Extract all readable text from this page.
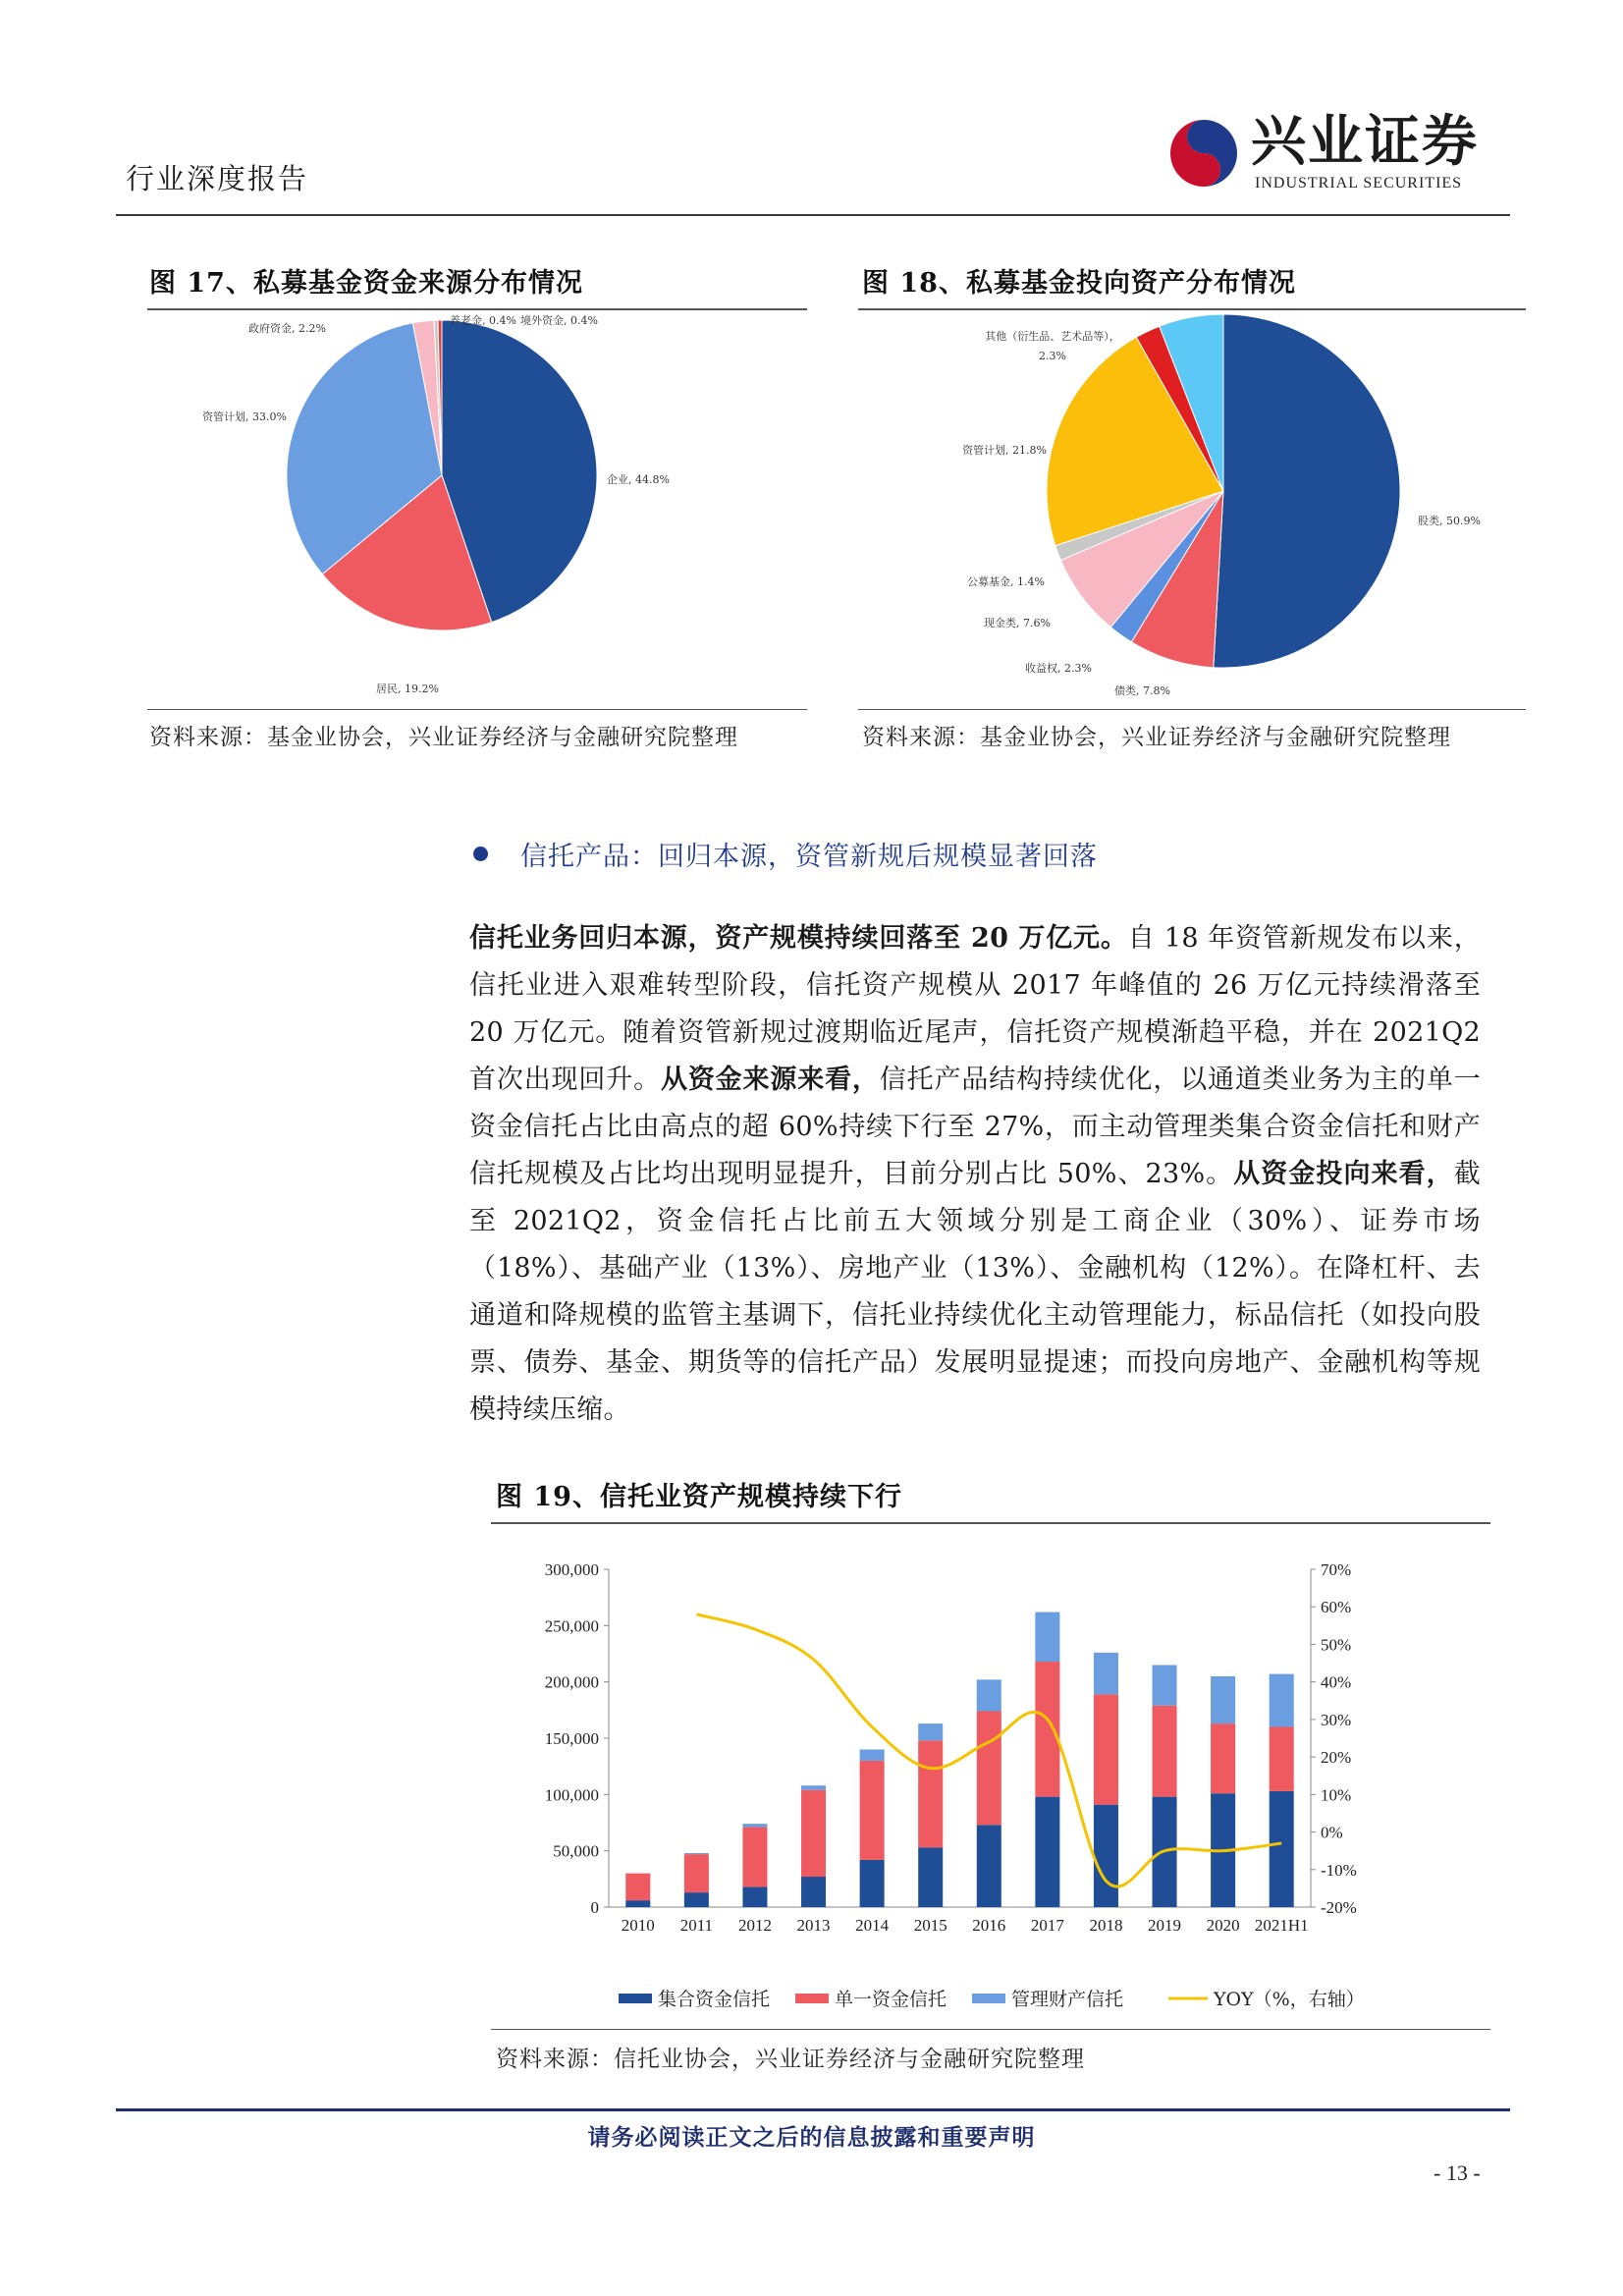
行业深度报告
兴业证券
INDUSTRIAL SECURITIES
图 17、私募基金资金来源分布情况
企业, 44.8%
居民, 19.2%
资管计划, 33.0%
政府资金, 2.2%
养老金, 0.4% 境外资金, 0.4%
资料来源：基金业协会，兴业证券经济与金融研究院整理
图 18、私募基金投向资产分布情况
股类, 50.9%
债类, 7.8%
收益权, 2.3%
现金类, 7.6%
公募基金, 1.4%
资管计划, 21.8%
2.3%
其他（衍生品、艺术品等），
资料来源：基金业协会，兴业证券经济与金融研究院整理
信托产品：回归本源，资管新规后规模显著回落
信托业务回归本源，资产规模持续回落至 20 万亿元。自 18 年资管新规发布以来，信托业进入艰难转型阶段，信托资产规模从 2017 年峰值的 26 万亿元持续滑落至 20 万亿元。随着资管新规过渡期临近尾声，信托资产规模渐趋平稳，并在 2021Q2 首次出现回升。从资金来源来看，信托产品结构持续优化，以通道类业务为主的单一资金信托占比由高点的超 60%持续下行至 27%，而主动管理类集合资金信托和财产信托规模及占比均出现明显提升，目前分别占比 50%、23%。从资金投向来看，截至 2021Q2，资金信托占比前五大领域分别是工商企业（30%）、证券市场（18%）、基础产业（13%）、房地产业（13%）、金融机构（12%）。在降杠杆、去通道和降规模的监管主基调下，信托业持续优化主动管理能力，标品信托（如投向股票、债券、基金、期货等的信托产品）发展明显提速；而投向房地产、金融机构等规模持续压缩。
图 19、信托业资产规模持续下行
0
50,000
100,000
150,000
200,000
250,000
300,000
-20%
-10%
0%
10%
20%
30%
40%
50%
60%
70%
2010 2011 2012 2013 2014 2015 2016 2017 2018 2019 2020 2021H1
集合资金信托	单一资金信托	管理财产信托	YOY（%，右轴）
资料来源：信托业协会，兴业证券经济与金融研究院整理
请务必阅读正文之后的信息披露和重要声明
- 13 -
